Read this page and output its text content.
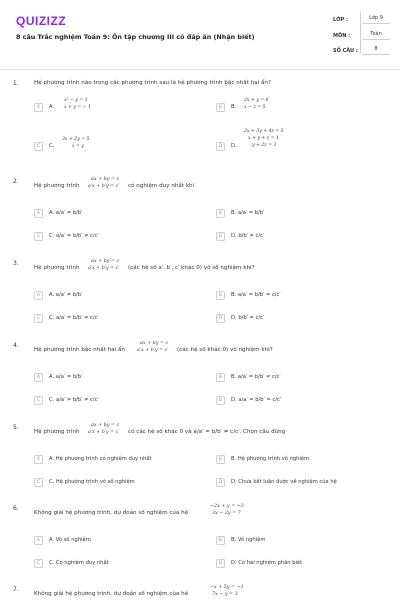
QUIZIZZ
8 câu Trắc nghiệm Toán 9: Ôn tập chương III có đáp án (Nhận biết)
LỚP :	Lớp 9
MÔN :	Toán
SỐ CÂU :	8
1.	Hệ phương trình nào trong các phương trình sau là hệ phương trình bậc nhất hai ẩn?
A	A.
x² − y = 3
x + y = − 1	B	B.
2x + y = 6
x − z = 5
C	C.
3x + 2y = 5
x = y	D	D.
2x + 3y + 4z = 5
x + y + z = 1
y + 2z = 3
2.
Hệ phương trình
ax + by = c
a′x + b′y = c′ có nghiệm duy nhất khi
A	A. a/a′ ≠ b/b′	B	B. a/a′ = b/b′
C	C. a/a′ = b/b′ ≠ c/c′	D	D. b/b′ ≠ c/c′
3.
Hệ phương trình
ax + by = c
a′x + b′y = c′ (các hệ số a′, b′, c′ khác 0) vô số nghiệm khi?
A	A. a/a′ ≠ b/b′	B	B. a/a′ = b/b′ = c/c′
C	C. a/a′ = b/b′ ≠ c/c′	D	D. b/b′ ≠ c/c′
4.
Hệ phương trình bậc nhất hai ẩn
ax + by = c
a′x + b′y = c′ (các hệ số khác 0) vô nghiệm khi?
A	A. a/a′ = b/b′	B	B. a/a′ = b/b′ ≠ c/c′
C	C. a/a′ ≠ b/b′ ≠ c/c′	D	D. a/a′ = b/b′ = c/c′
5.
Hệ phương trình
ax + by = c
a′x + b′y = c′ có các hệ số khác 0 và a/a′ = b/b′ ≠ c/c′. Chọn câu đúng
A	A. Hệ phương trình có nghiệm duy nhất	B	B. Hệ phương trình vô nghiệm
C	C. Hệ phương trình vô số nghiệm	D	D. Chưa kết luận được về nghiệm của hệ
6.
Không giải hệ phương trình, dự đoán số nghiệm của hệ
−2x + y = −3
3x − 2y = 7
A	A. Vô số nghiệm	B	B. Vô nghiệm
C	C. Có nghiệm duy nhất	D	D. Có hai nghiệm phân biệt
7.
Không giải hệ phương trình, dự đoán số nghiệm của hệ
−x + 5y = −1
7x − y = 3
